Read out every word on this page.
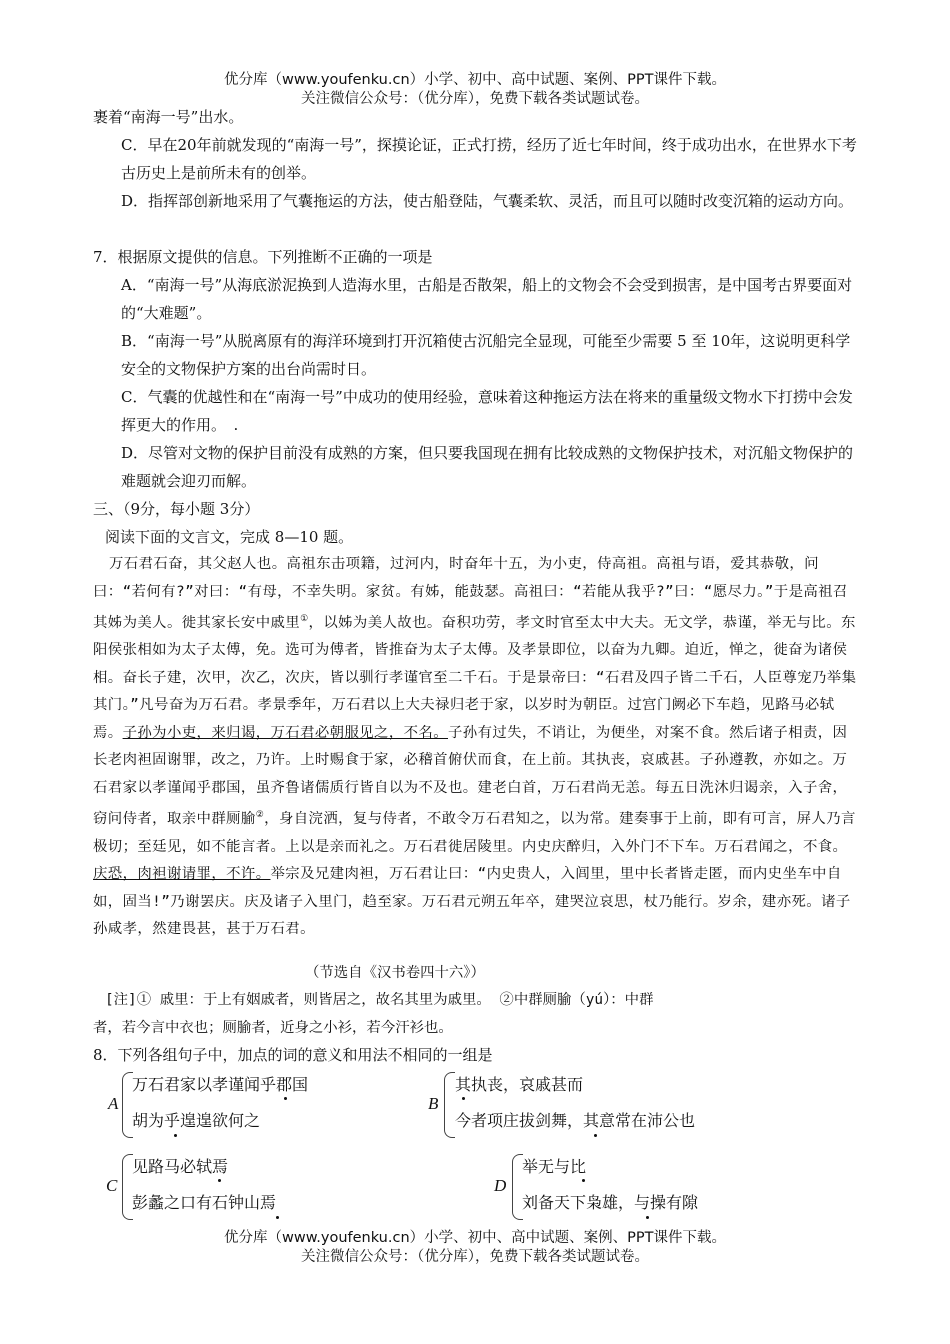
优分库（www.youfenku.cn）小学、初中、高中试题、案例、PPT课件下载。
关注微信公众号：（优分库），免费下载各类试题试卷。

裹着“南海一号”出水。

C．早在20年前就发现的“南海一号”，探摸论证，正式打捞，经历了近七年时间，终于成功出水，在世界水下考古历史上是前所未有的创举。

D．指挥部创新地采用了气囊拖运的方法，使古船登陆，气囊柔软、灵活，而且可以随时改变沉箱的运动方向。

7．根据原文提供的信息。下列推断不正确的一项是

A．“南海一号”从海底淤泥换到人造海水里，古船是否散架，船上的文物会不会受到损害，是中国考古界要面对的“大难题”。

B．“南海一号”从脱离原有的海洋环境到打开沉箱使古沉船完全显现，可能至少需要 5 至 10年，这说明更科学安全的文物保护方案的出台尚需时日。

C．气囊的优越性和在“南海一号”中成功的使用经验，意味着这种拖运方法在将来的重量级文物水下打捞中会发挥更大的作用。　.

D．尽管对文物的保护目前没有成熟的方案，但只要我国现在拥有比较成熟的文物保护技术，对沉船文物保护的难题就会迎刃而解。

三、（9分，每小题 3分）

阅读下面的文言文，完成 8—10 题。

万石君石奋，其父赵人也。高祖东击项籍，过河内，时奋年十五，为小吏，侍高祖。高祖与语，爱其恭敬，问曰：“若何有?”对曰：“有母，不幸失明。家贫。有姊，能鼓瑟。高祖曰：“若能从我乎?”曰：“愿尽力。”于是高祖召其姊为美人。徙其家长安中戚里①，以姊为美人故也。奋积功劳，孝文时官至太中大夫。无文学，恭谨，举无与比。东阳侯张相如为太子太傅，免。选可为傅者，皆推奋为太子太傅。及孝景即位，以奋为九卿。迫近，惮之，徙奋为诸侯相。奋长子建，次甲，次乙，次庆，皆以驯行孝谨官至二千石。于是景帝曰：“石君及四子皆二千石，人臣尊宠乃举集其门。”凡号奋为万石君。孝景季年，万石君以上大夫禄归老于家，以岁时为朝臣。过宫门阙必下车趋，见路马必轼焉。子孙为小吏，来归谒，万石君必朝服见之，不名。子孙有过失，不诮让，为便坐，对案不食。然后诸子相责，因长老肉袒固谢罪，改之，乃许。上时赐食于家，必稽首俯伏而食，在上前。其执丧，哀戚甚。子孙遵教，亦如之。万石君家以孝谨闻乎郡国，虽齐鲁诸儒质行皆自以为不及也。建老白首，万石君尚无恙。每五日洗沐归谒亲，入子舍，窃问侍者，取亲中群厕腧②，身自浣洒，复与侍者，不敢令万石君知之，以为常。建奏事于上前，即有可言，屏人乃言极切；至廷见，如不能言者。上以是亲而礼之。万石君徙居陵里。内史庆醉归，入外门不下车。万石君闻之，不食。庆恐，肉袒谢请罪，不许。举宗及兄建肉袒，万石君让曰：“内史贵人，入闾里，里中长者皆走匿，而内史坐车中自如，固当!”乃谢罢庆。庆及诸子入里门，趋至家。万石君元朔五年卒，建哭泣哀思，杖乃能行。岁余，建亦死。诸子孙咸孝，然建畏甚，甚于万石君。

（节选自《汉书卷四十六》）

[注]① 戚里：于上有姻戚者，则皆居之，故名其里为戚里。 ②中群厕腧（yú）：中群

者，若今言中衣也；厕腧者，近身之小衫，若今汗衫也。

8．下列各组句子中，加点的词的意义和用法不相同的一组是

A
万石君家以孝谨闻乎郡国
胡为乎遑遑欲何之
B
其执丧，哀戚甚而
今者项庄拔剑舞，其意常在沛公也
C
见路马必轼焉
彭蠡之口有石钟山焉
D
举无与比
刘备天下枭雄，与操有隙
优分库（www.youfenku.cn）小学、初中、高中试题、案例、PPT课件下载。
关注微信公众号：（优分库），免费下载各类试题试卷。
